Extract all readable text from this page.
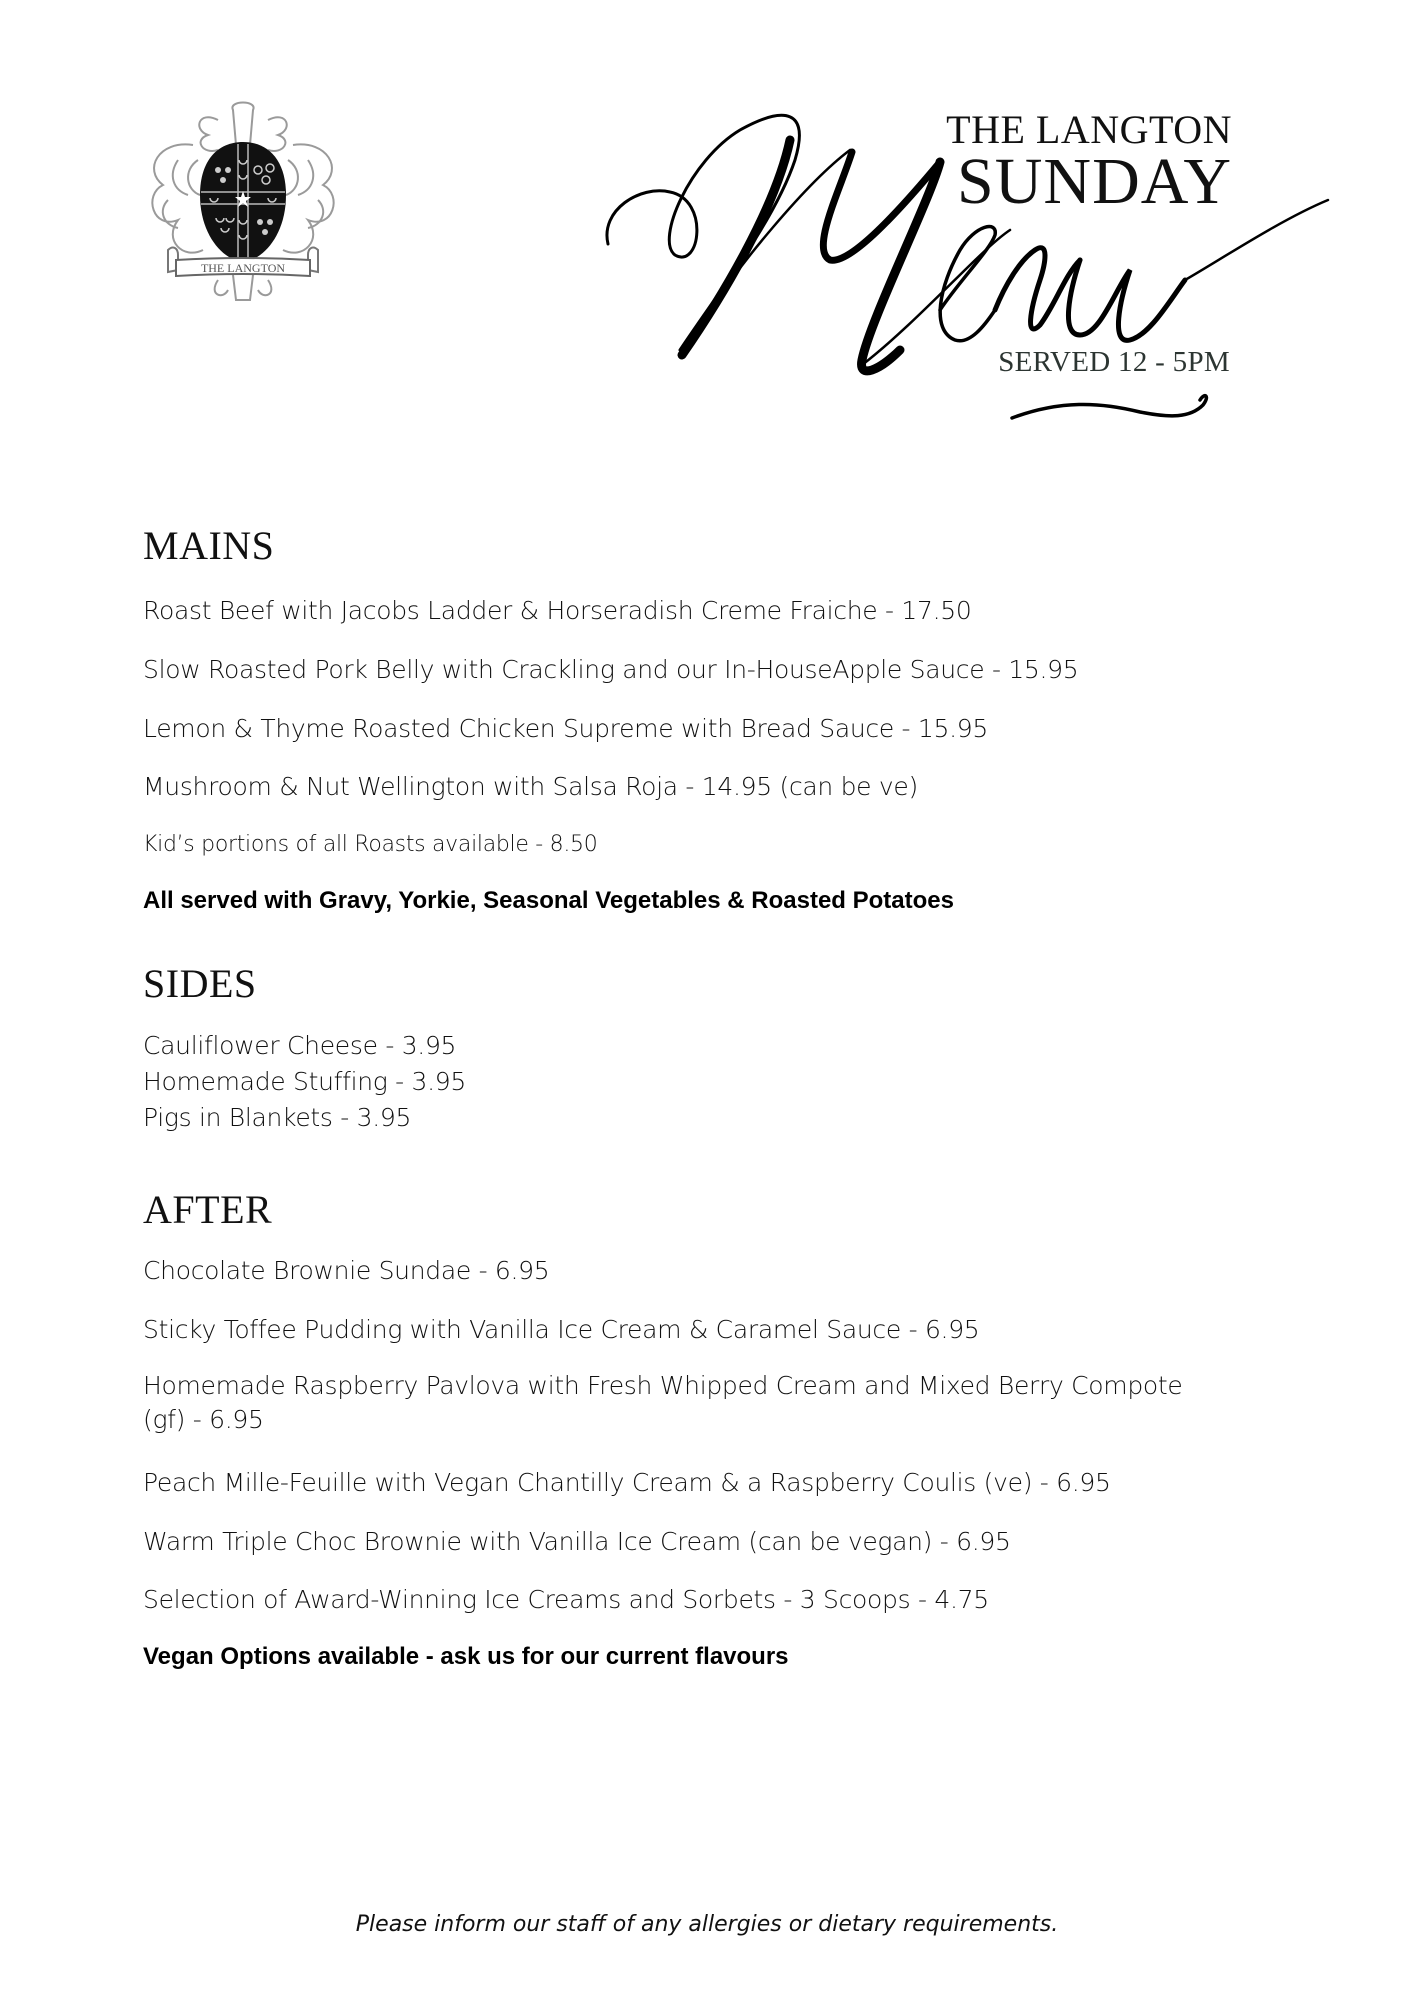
THE LANGTON
THE LANGTON
SUNDAY
SERVED 12 - 5PM
MAINS
Roast Beef with Jacobs Ladder & Horseradish Creme Fraiche - 17.50
Slow Roasted Pork Belly with Crackling and our In-HouseApple Sauce - 15.95
Lemon & Thyme Roasted Chicken Supreme with Bread Sauce - 15.95
Mushroom & Nut Wellington with Salsa Roja - 14.95 (can be ve)
Kid’s portions of all Roasts available - 8.50
All served with Gravy, Yorkie, Seasonal Vegetables & Roasted Potatoes
SIDES
Cauliflower Cheese - 3.95
Homemade Stuffing - 3.95
Pigs in Blankets - 3.95
AFTER
Chocolate Brownie Sundae - 6.95
Sticky Toffee Pudding with Vanilla Ice Cream & Caramel Sauce - 6.95
Homemade Raspberry Pavlova with Fresh Whipped Cream and Mixed Berry Compote (gf) - 6.95
Peach Mille-Feuille with Vegan Chantilly Cream & a Raspberry Coulis (ve) - 6.95
Warm Triple Choc Brownie with Vanilla Ice Cream (can be vegan) - 6.95
Selection of Award-Winning Ice Creams and Sorbets - 3 Scoops - 4.75
Vegan Options available - ask us for our current flavours
Please inform our staff of any allergies or dietary requirements.
